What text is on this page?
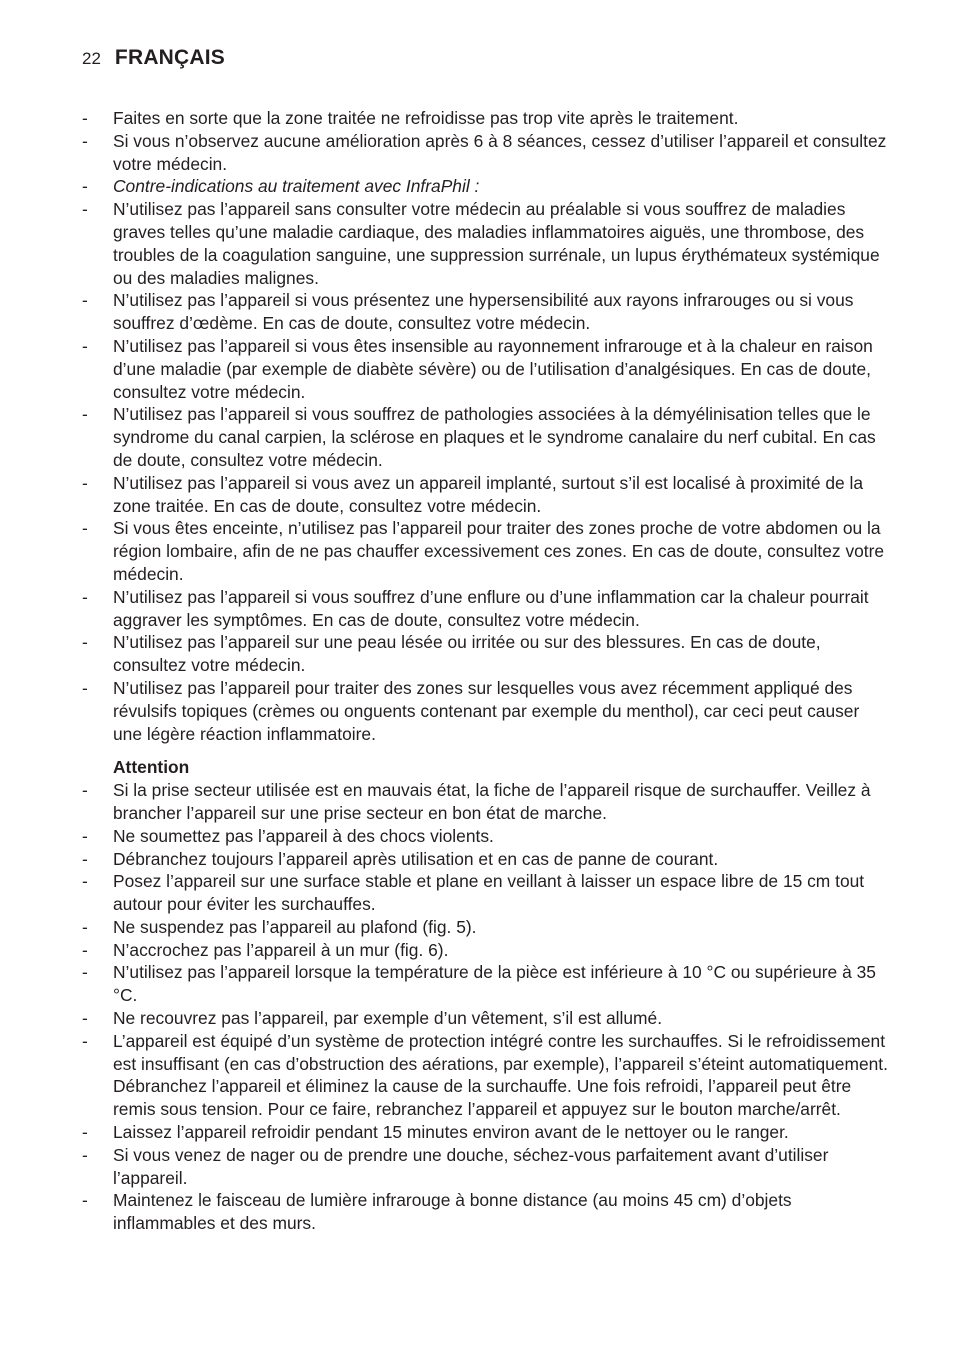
22 FRANÇAIS
-	Faites en sorte que la zone traitée ne refroidisse pas trop vite après le traitement.
-	Si vous n’observez aucune amélioration après 6 à 8 séances, cessez d’utiliser l’appareil et consultez votre médecin.
-	Contre-indications au traitement avec InfraPhil :
-	N’utilisez pas l’appareil sans consulter votre médecin au préalable si vous souffrez de maladies graves telles qu’une maladie cardiaque, des maladies inflammatoires aiguës, une thrombose, des troubles de la coagulation sanguine, une suppression surrénale, un lupus érythémateux systémique ou des maladies malignes.
-	N’utilisez pas l’appareil si vous présentez une hypersensibilité aux rayons infrarouges ou si vous souffrez d’œdème. En cas de doute, consultez votre médecin.
-	N’utilisez pas l’appareil si vous êtes insensible au rayonnement infrarouge et à la chaleur en raison d’une maladie (par exemple de diabète sévère) ou de l’utilisation d’analgésiques. En cas de doute, consultez votre médecin.
-	N’utilisez pas l’appareil si vous souffrez de pathologies associées à la démyélinisation telles que le syndrome du canal carpien, la sclérose en plaques et le syndrome canalaire du nerf cubital. En cas de doute, consultez votre médecin.
-	N’utilisez pas l’appareil si vous avez un appareil implanté, surtout s’il est localisé à proximité de la zone traitée. En cas de doute, consultez votre médecin.
-	Si vous êtes enceinte, n’utilisez pas l’appareil pour traiter des zones proche de votre abdomen ou la région lombaire, afin de ne pas chauffer excessivement ces zones. En cas de doute, consultez votre médecin.
-	N’utilisez pas l’appareil si vous souffrez d’une enflure ou d’une inflammation car la chaleur pourrait aggraver les symptômes. En cas de doute, consultez votre médecin.
-	N’utilisez pas l’appareil sur une peau lésée ou irritée ou sur des blessures. En cas de doute, consultez votre médecin.
-	N’utilisez pas l’appareil pour traiter des zones sur lesquelles vous avez récemment appliqué des révulsifs topiques (crèmes ou onguents contenant par exemple du menthol), car ceci peut causer une légère réaction inflammatoire.
Attention
-	Si la prise secteur utilisée est en mauvais état, la fiche de l’appareil risque de surchauffer. Veillez à brancher l’appareil sur une prise secteur en bon état de marche.
-	Ne soumettez pas l’appareil à des chocs violents.
-	Débranchez toujours l’appareil après utilisation et en cas de panne de courant.
-	Posez l’appareil sur une surface stable et plane en veillant à laisser un espace libre de 15 cm tout autour pour éviter les surchauffes.
-	Ne suspendez pas l’appareil au plafond (fig. 5).
-	N’accrochez pas l’appareil à un mur (fig. 6).
-	N’utilisez pas l’appareil lorsque la température de la pièce est inférieure à 10 °C ou supérieure à 35 °C.
-	Ne recouvrez pas l’appareil, par exemple d’un vêtement, s’il est allumé.
-	L’appareil est équipé d’un système de protection intégré contre les surchauffes. Si le refroidissement est insuffisant (en cas d’obstruction des aérations, par exemple), l’appareil s’éteint automatiquement. Débranchez l’appareil et éliminez la cause de la surchauffe. Une fois refroidi, l’appareil peut être remis sous tension. Pour ce faire, rebranchez l’appareil et appuyez sur le bouton marche/arrêt.
-	Laissez l’appareil refroidir pendant 15 minutes environ avant de le nettoyer ou le ranger.
-	Si vous venez de nager ou de prendre une douche, séchez-vous parfaitement avant d’utiliser l’appareil.
-	Maintenez le faisceau de lumière infrarouge à bonne distance (au moins 45 cm) d’objets inflammables et des murs.
